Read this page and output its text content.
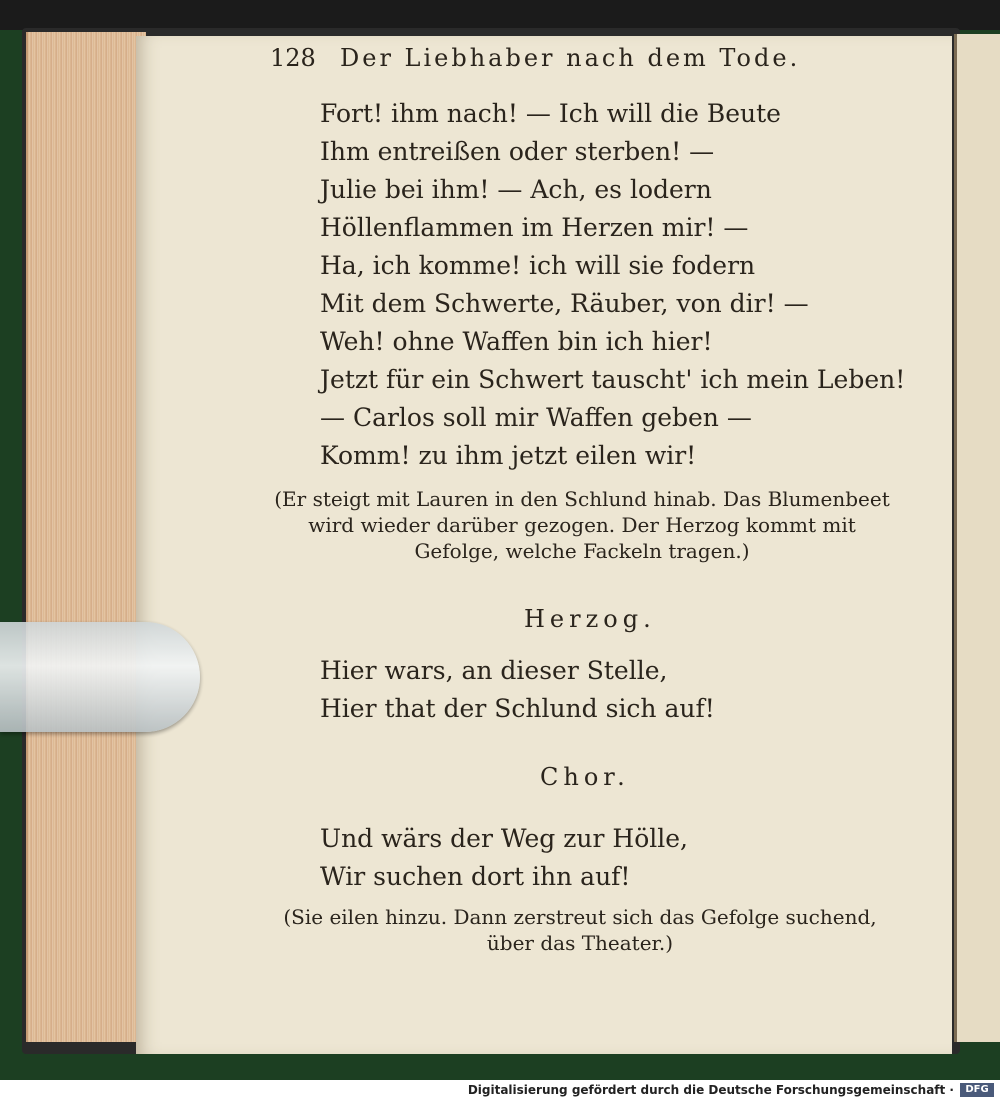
128 Der Liebhaber nach dem Tode.
Fort! ihm nach! — Ich will die Beute
Ihm entreißen oder sterben! —
Julie bei ihm! — Ach, es lodern
Höllenflammen im Herzen mir! —
Ha, ich komme! ich will sie fodern
Mit dem Schwerte, Räuber, von dir! —
Weh! ohne Waffen bin ich hier!
Jetzt für ein Schwert tauscht' ich mein Leben!
— Carlos soll mir Waffen geben —
Komm! zu ihm jetzt eilen wir!
(Er steigt mit Lauren in den Schlund hinab. Das Blumenbeet wird wieder darüber gezogen. Der Herzog kommt mit Gefolge, welche Fackeln tragen.)
Herzog.
Hier wars, an dieser Stelle,
Hier that der Schlund sich auf!
Chor.
Und wärs der Weg zur Hölle,
Wir suchen dort ihn auf!
(Sie eilen hinzu. Dann zerstreut sich das Gefolge suchend, über das Theater.)
Digitalisierung gefördert durch die Deutsche Forschungsgemeinschaft ·	DFG
